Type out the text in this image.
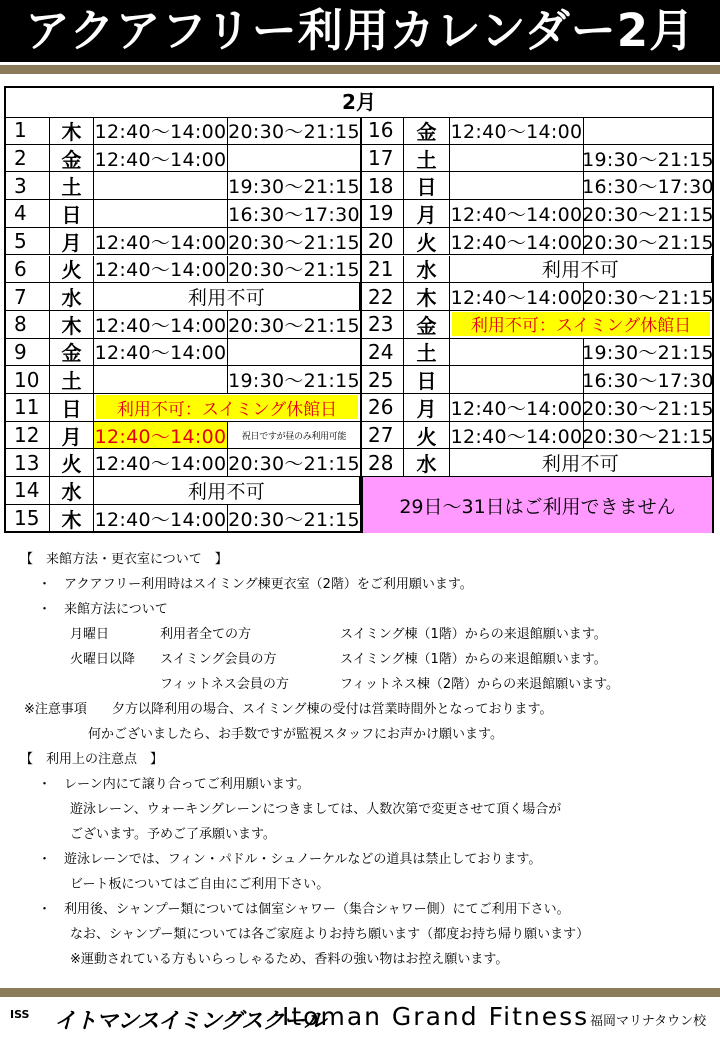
アクアフリー利用カレンダー2月
2月
1	木 12:40〜14:00 20:30〜21:15
2	金 12:40〜14:00
3	土	19:30〜21:15
4	日	16:30〜17:30
5	月 12:40〜14:00 20:30〜21:15
6	火 12:40〜14:00 20:30〜21:15
7	水	利用不可
8	木 12:40〜14:00 20:30〜21:15
9	金 12:40〜14:00
10	土	19:30〜21:15
11	日	利用不可：スイミング休館日
12	月 12:40〜14:00	祝日ですが昼のみ利用可能
13	火 12:40〜14:00 20:30〜21:15
14	水	利用不可
15	木 12:40〜14:00 20:30〜21:15
16	金 12:40〜14:00
17	土	19:30〜21:15
18	日	16:30〜17:30
19	月 12:40〜14:00 20:30〜21:15
20	火 12:40〜14:00 20:30〜21:15
21	水	利用不可
22	木 12:40〜14:00 20:30〜21:15
23	金	利用不可：スイミング休館日
24	土	19:30〜21:15
25	日	16:30〜17:30
26	月 12:40〜14:00 20:30〜21:15
27	火 12:40〜14:00 20:30〜21:15
28	水	利用不可
29日〜31日はご利用できません
【　来館方法・更衣室について　】
・　アクアフリー利用時はスイミング棟更衣室（2階）をご利用願います。
・　来館方法について
月曜日	利用者全ての方	スイミング棟（1階）からの来退館願います。
火曜日以降 スイミング会員の方	スイミング棟（1階）からの来退館願います。
フィットネス会員の方	フィットネス棟（2階）からの来退館願います。
※注意事項 夕方以降利用の場合、スイミング棟の受付は営業時間外となっております。
何かございましたら、お手数ですが監視スタッフにお声かけ願います。
【　利用上の注意点　】
・　レーン内にて譲り合ってご利用願います。
遊泳レーン、ウォーキングレーンにつきましては、人数次第で変更させて頂く場合が
ございます。予めご了承願います。
・　遊泳レーンでは、フィン・パドル・シュノーケルなどの道具は禁止しております。
ビート板についてはご自由にご利用下さい。
・　利用後、シャンプー類については個室シャワー（集合シャワー側）にてご利用下さい。
なお、シャンプー類については各ご家庭よりお持ち願います（都度お持ち帰り願います）
※運動されている方もいらっしゃるため、香料の強い物はお控え願います。
ISS イトマンスイミングスクール
Itoman Grand Fitness 福岡マリナタウン校
